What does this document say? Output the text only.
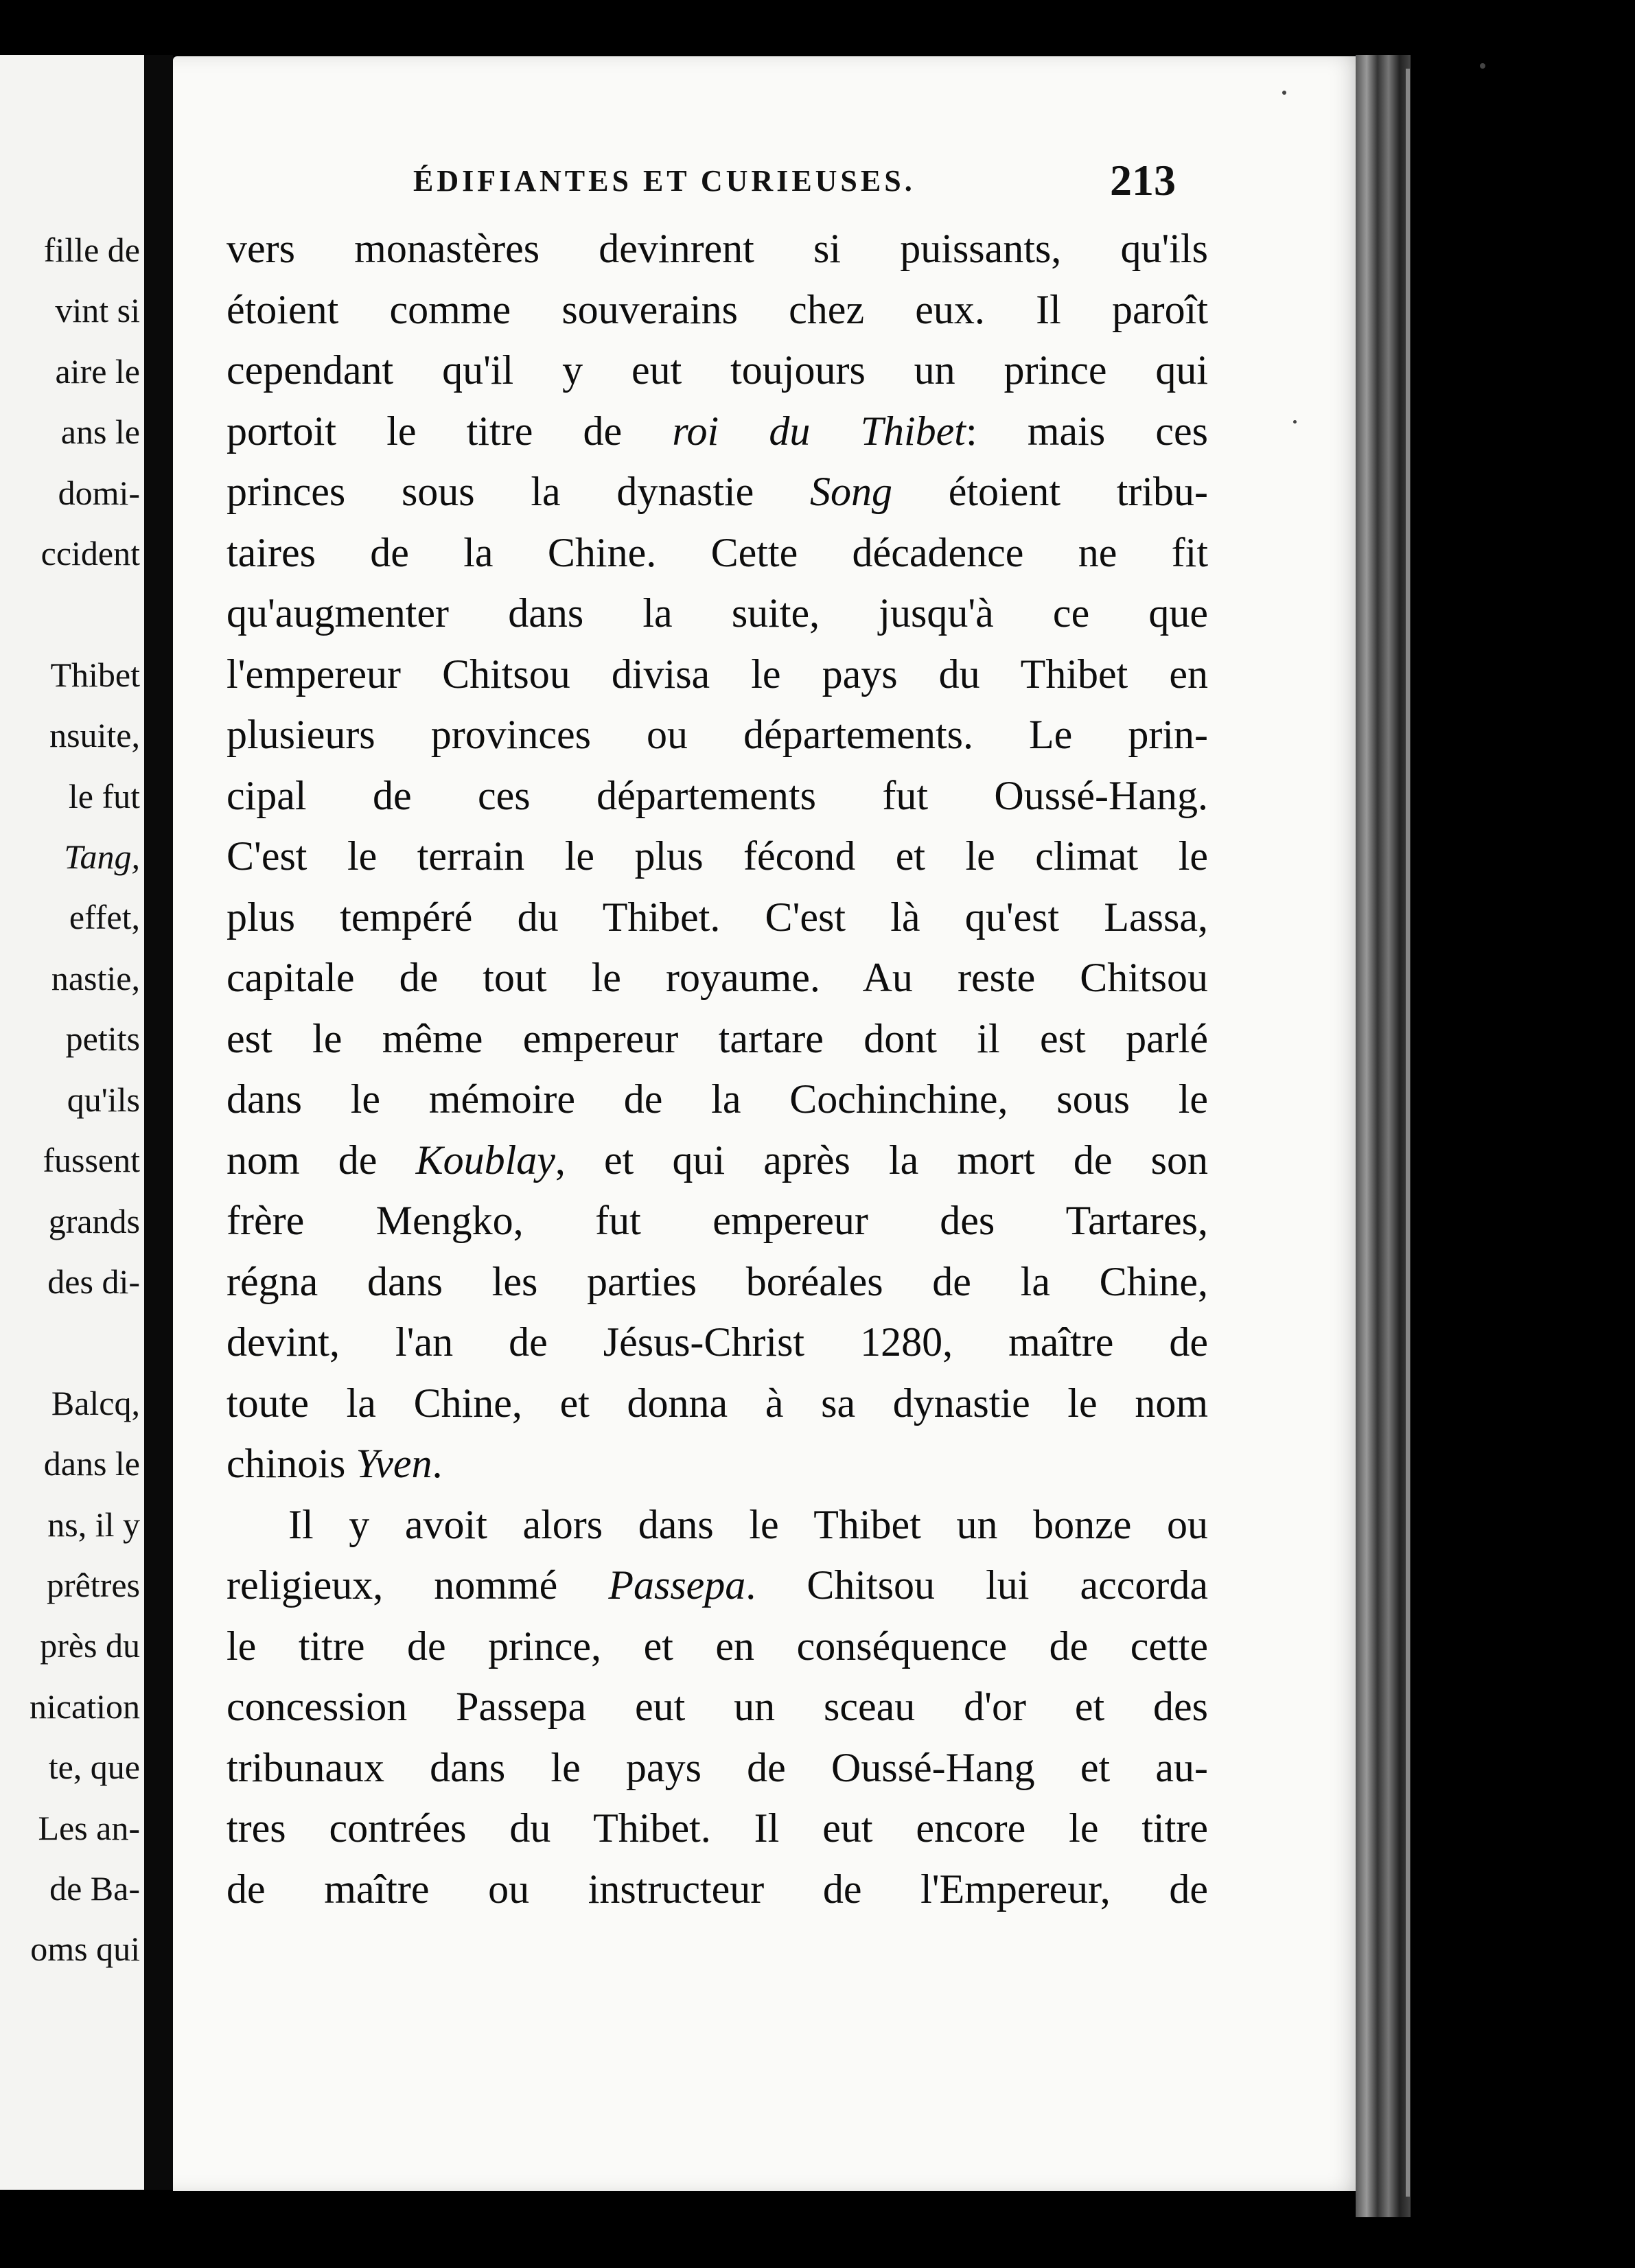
fille de
vint si
aire le
ans le
domi-
ccident

Thibet
nsuite,
le fut
Tang,
effet,
nastie,
petits
qu'ils
fussent
grands
des di-

Balcq,
dans le
ns, il y
prêtres
près du
nication
te, que
Les an-
de Ba-
oms qui
ÉDIFIANTES ET CURIEUSES.	213
vers monastères devinrent si puissants, qu'ils
étoient comme souverains chez eux. Il paroît
cependant qu'il y eut toujours un prince qui
portoit le titre de roi du Thibet: mais ces
princes sous la dynastie Song étoient tribu-
taires de la Chine. Cette décadence ne fit
qu'augmenter dans la suite, jusqu'à ce que
l'empereur Chitsou divisa le pays du Thibet en
plusieurs provinces ou départements. Le prin-
cipal de ces départements fut Oussé-Hang.
C'est le terrain le plus fécond et le climat le
plus tempéré du Thibet. C'est là qu'est Lassa,
capitale de tout le royaume. Au reste Chitsou
est le même empereur tartare dont il est parlé
dans le mémoire de la Cochinchine, sous le
nom de Koublay, et qui après la mort de son
frère Mengko, fut empereur des Tartares,
régna dans les parties boréales de la Chine,
devint, l'an de Jésus-Christ 1280, maître de
toute la Chine, et donna à sa dynastie le nom
chinois Yven.
Il y avoit alors dans le Thibet un bonze ou
religieux, nommé Passepa. Chitsou lui accorda
le titre de prince, et en conséquence de cette
concession Passepa eut un sceau d'or et des
tribunaux dans le pays de Oussé-Hang et au-
tres contrées du Thibet. Il eut encore le titre
de maître ou instructeur de l'Empereur, de
